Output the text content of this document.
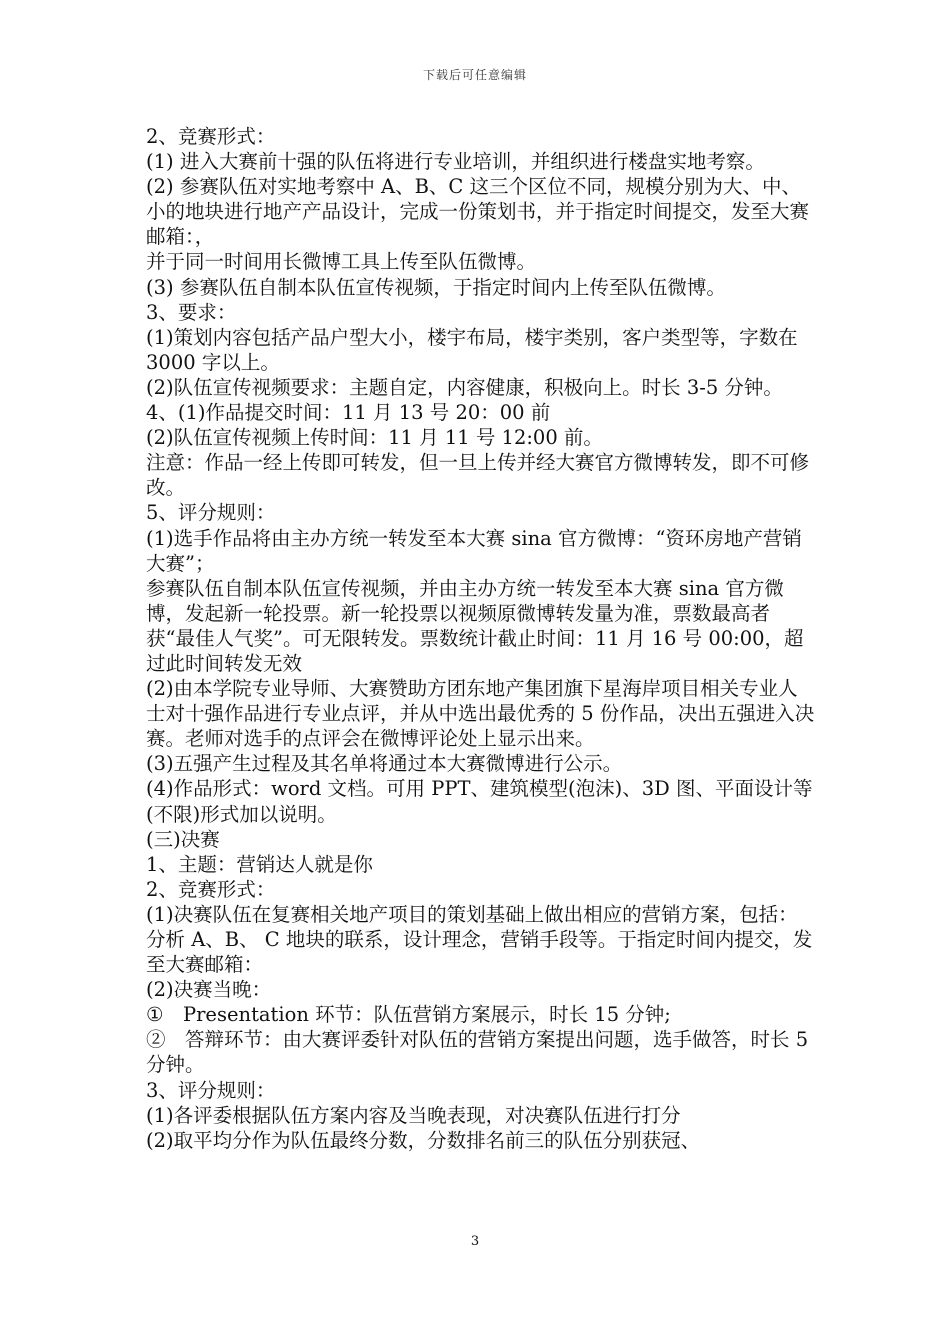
下载后可任意编辑

2、竞赛形式：

(1) 进入大赛前十强的队伍将进行专业培训，并组织进行楼盘实地考察。

(2) 参赛队伍对实地考察中 A、B、C 这三个区位不同，规模分别为大、中、小的地块进行地产产品设计，完成一份策划书，并于指定时间提交，发至大赛邮箱：，

并于同一时间用长微博工具上传至队伍微博。

(3) 参赛队伍自制本队伍宣传视频，于指定时间内上传至队伍微博。

3、要求：

(1)策划内容包括产品户型大小，楼宇布局，楼宇类别，客户类型等，字数在 3000 字以上。

(2)队伍宣传视频要求：主题自定，内容健康，积极向上。时长 3-5 分钟。

4、(1)作品提交时间：11 月 13 号 20：00 前

(2)队伍宣传视频上传时间：11 月 11 号 12:00 前。

注意：作品一经上传即可转发，但一旦上传并经大赛官方微博转发，即不可修改。

5、评分规则：

(1)选手作品将由主办方统一转发至本大赛 sina 官方微博：“资环房地产营销大赛”；

参赛队伍自制本队伍宣传视频，并由主办方统一转发至本大赛 sina 官方微博，发起新一轮投票。新一轮投票以视频原微博转发量为准，票数最高者获“最佳人气奖”。可无限转发。票数统计截止时间：11 月 16 号 00:00，超过此时间转发无效

(2)由本学院专业导师、大赛赞助方团东地产集团旗下星海岸项目相关专业人士对十强作品进行专业点评，并从中选出最优秀的 5 份作品，决出五强进入决赛。老师对选手的点评会在微博评论处上显示出来。

(3)五强产生过程及其名单将通过本大赛微博进行公示。

(4)作品形式：word 文档。可用 PPT、建筑模型(泡沫)、3D 图、平面设计等(不限)形式加以说明。

(三)决赛

1、主题：营销达人就是你

2、竞赛形式：

(1)决赛队伍在复赛相关地产项目的策划基础上做出相应的营销方案，包括：分析 A、B、 C 地块的联系，设计理念，营销手段等。于指定时间内提交，发至大赛邮箱：

(2)决赛当晚：

①　Presentation 环节：队伍营销方案展示，时长 15 分钟;

②　答辩环节：由大赛评委针对队伍的营销方案提出问题，选手做答，时长 5 分钟。

3、评分规则：

(1)各评委根据队伍方案内容及当晚表现，对决赛队伍进行打分

(2)取平均分作为队伍最终分数，分数排名前三的队伍分别获冠、

3
